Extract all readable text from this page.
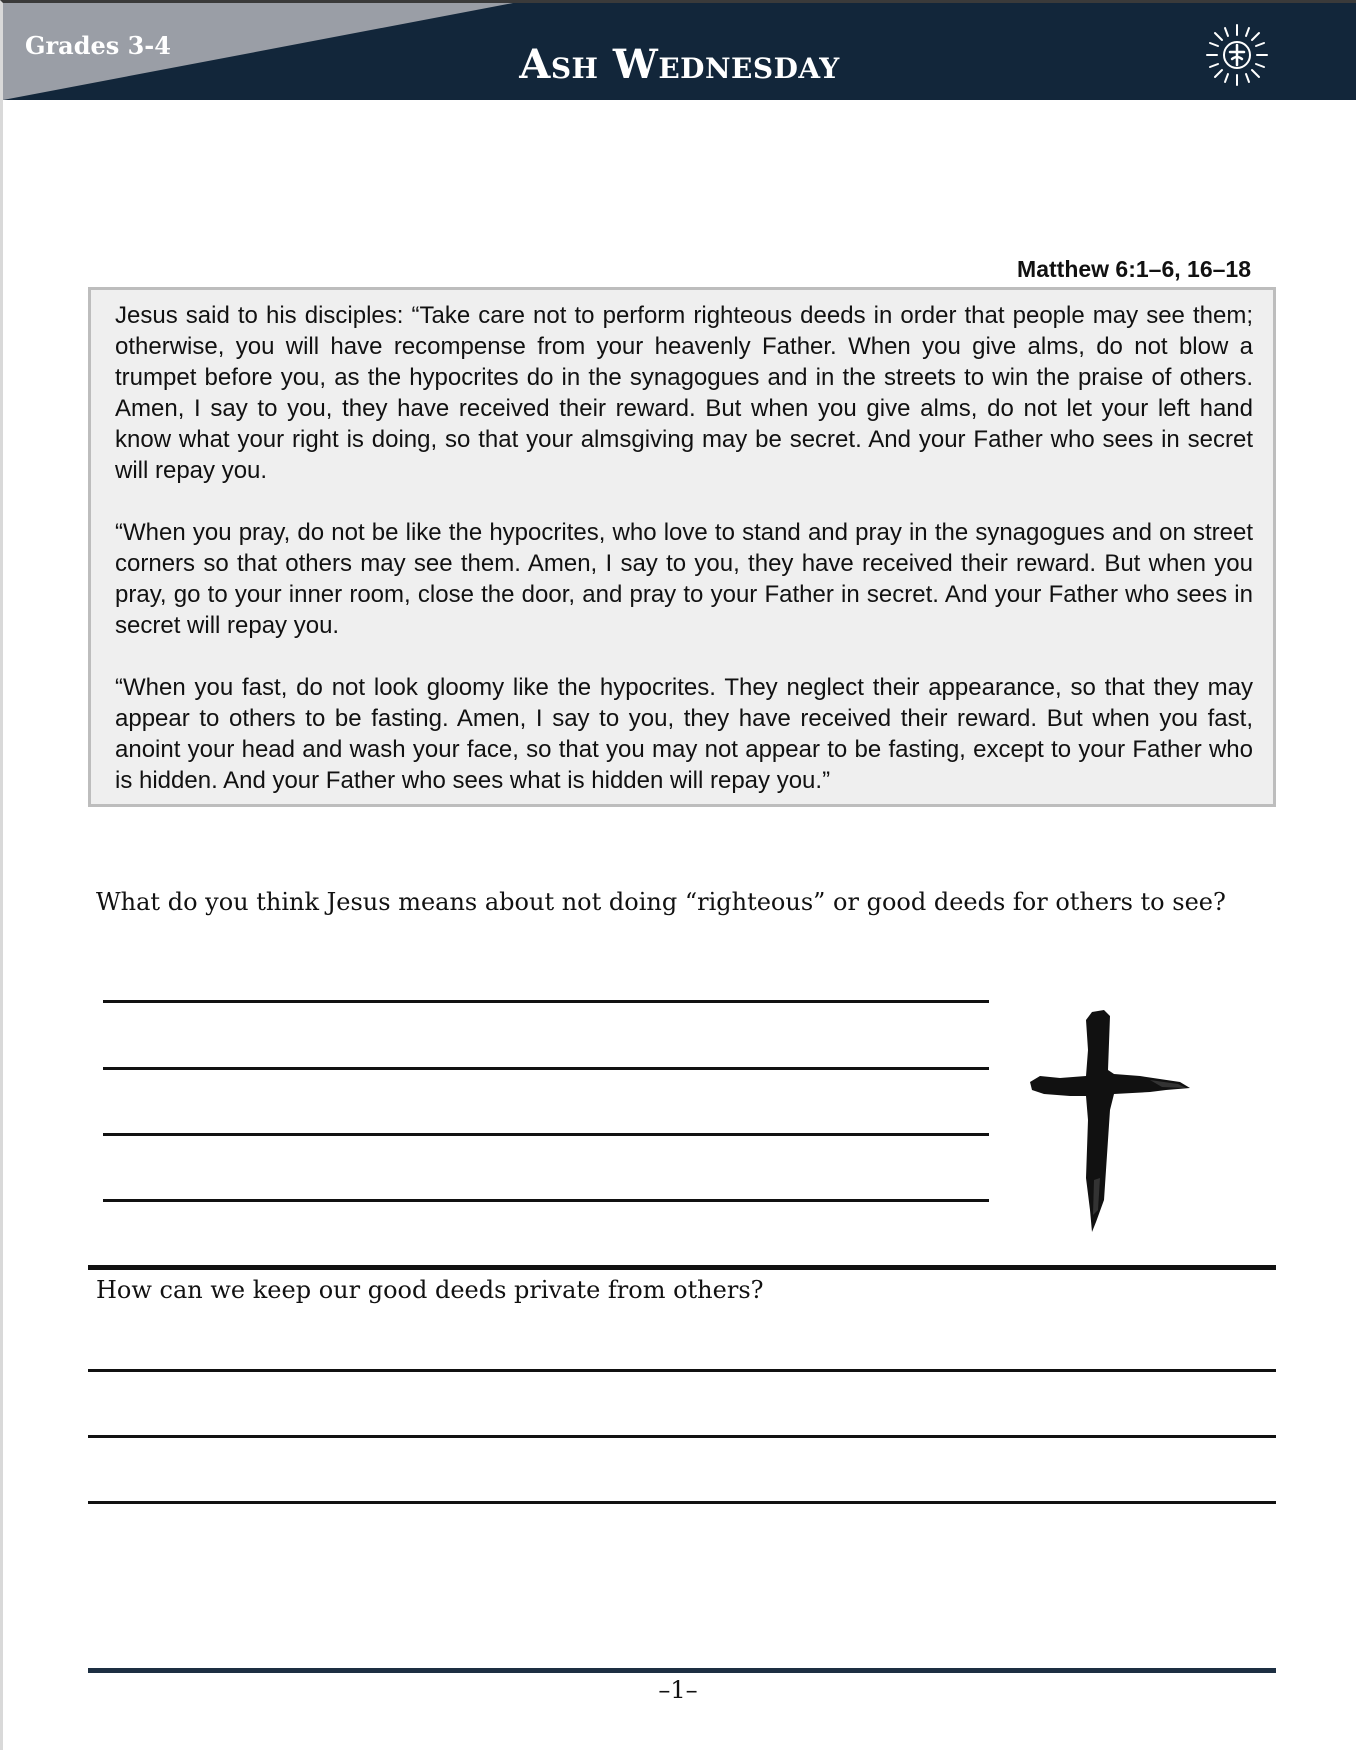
Grades 3-4	Ash Wednesday
Matthew 6:1–6, 16–18

Jesus said to his disciples: “Take care not to perform righteous deeds in order that people may see them; otherwise, you will have recompense from your heavenly Father. When you give alms, do not blow a trumpet before you, as the hypocrites do in the synagogues and in the streets to win the praise of others. Amen, I say to you, they have received their reward. But when you give alms, do not let your left hand know what your right is doing, so that your almsgiving may be secret. And your Father who sees in secret will repay you.

“When you pray, do not be like the hypocrites, who love to stand and pray in the synagogues and on street corners so that others may see them. Amen, I say to you, they have received their reward. But when you pray, go to your inner room, close the door, and pray to your Father in secret. And your Father who sees in secret will repay you.

“When you fast, do not look gloomy like the hypocrites. They neglect their appearance, so that they may appear to others to be fasting. Amen, I say to you, they have received their reward. But when you fast, anoint your head and wash your face, so that you may not appear to be fasting, except to your Father who is hidden. And your Father who sees what is hidden will repay you.”

What do you think Jesus means about not doing “righteous” or good deeds for others to see?
How can we keep our good deeds private from others?
–1–
